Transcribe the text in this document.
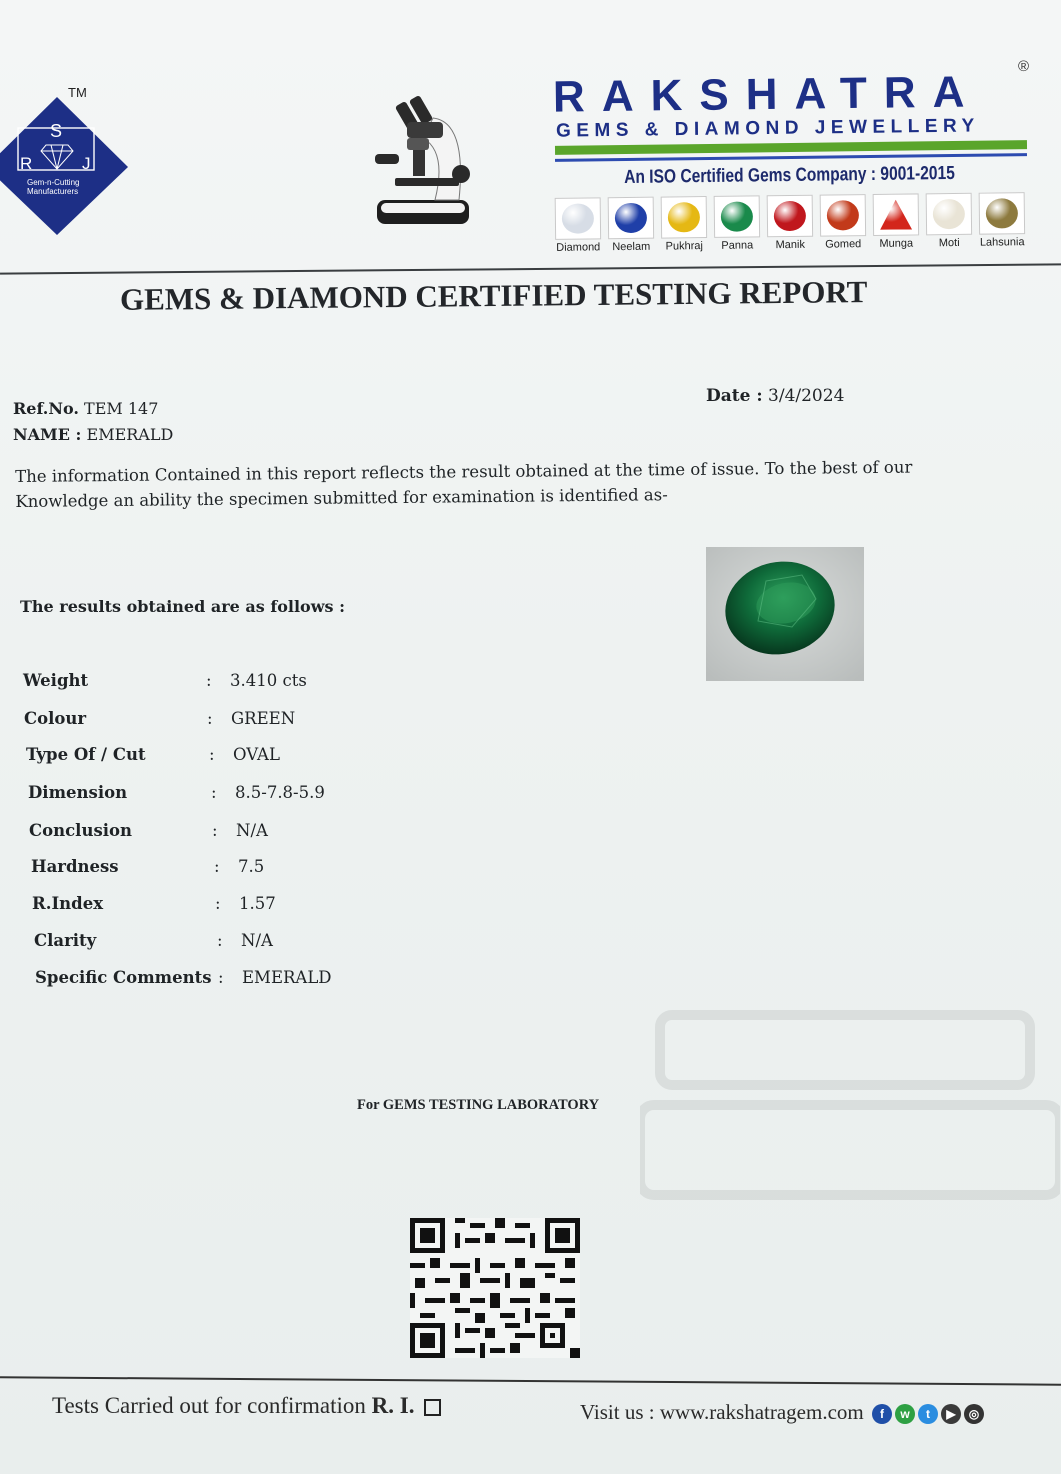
TM
S
R	J
Gem-n-Cutting
Manufacturers
RAKSHATRA
®
GEMS & DIAMOND JEWELLERY
An ISO Certified Gems Company : 9001-2015
Diamond	Neelam	Pukhraj	Panna	Manik	Gomed	Munga	Moti	Lahsunia
GEMS & DIAMOND CERTIFIED TESTING REPORT
Date : 3/4/2024
Ref.No. TEM 147
NAME : EMERALD
The information Contained in this report reflects the result obtained at the time of issue. To the best of our Knowledge an ability the specimen submitted for examination is identified as-
The results obtained are as follows :
Weight	: 3.410 cts
Colour	: GREEN
Type Of / Cut	: OVAL
Dimension	: 8.5-7.8-5.9
Conclusion	: N/A
Hardness	: 7.5
R.Index	: 1.57
Clarity	: N/A
Specific Comments : EMERALD
For GEMS TESTING LABORATORY
Tests Carried out for confirmation R. I.	Visit us : www.rakshatragem.com f w t ▶ ◎
